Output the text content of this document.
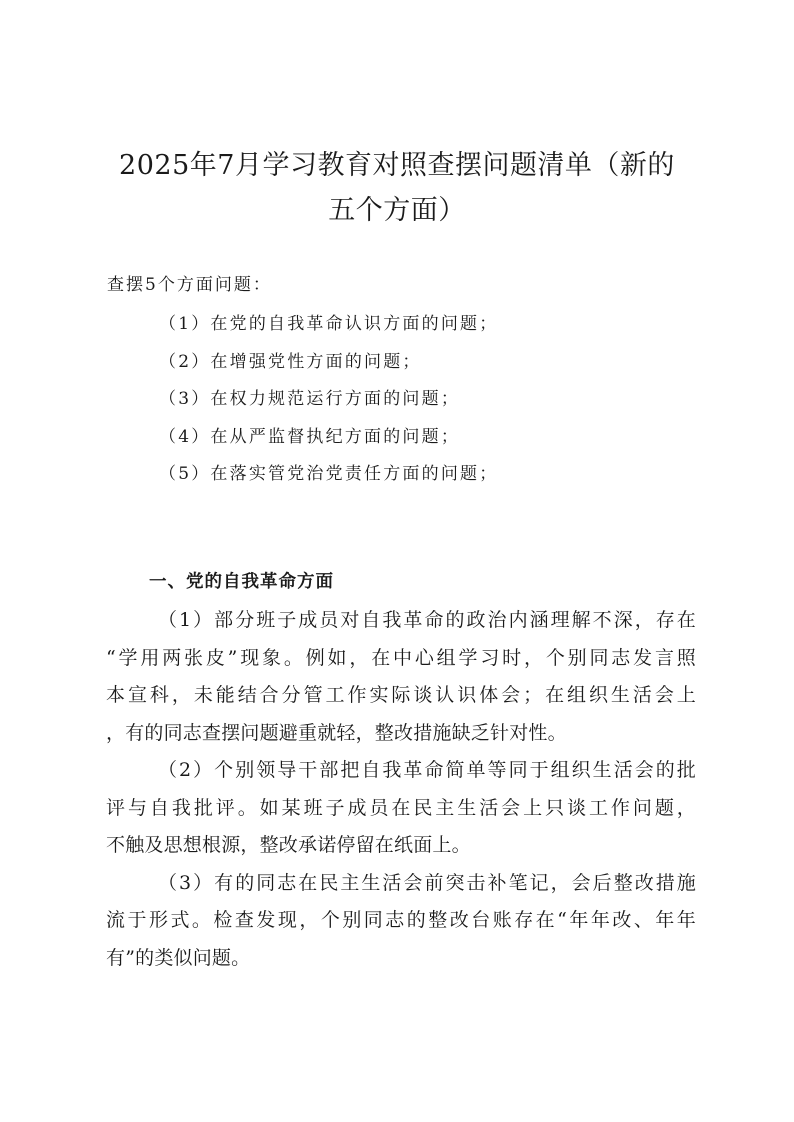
2025年7月学习教育对照查摆问题清单（新的
五个方面）
查摆5个方面问题：
（1）在党的自我革命认识方面的问题；
（2）在增强党性方面的问题；
（3）在权力规范运行方面的问题；
（4）在从严监督执纪方面的问题；
（5）在落实管党治党责任方面的问题；
一、党的自我革命方面
（1）部分班子成员对自我革命的政治内涵理解不深，存在
“学用两张皮”现象。例如，在中心组学习时，个别同志发言照
本宣科，未能结合分管工作实际谈认识体会；在组织生活会上
，有的同志查摆问题避重就轻，整改措施缺乏针对性。
（2）个别领导干部把自我革命简单等同于组织生活会的批
评与自我批评。如某班子成员在民主生活会上只谈工作问题，
不触及思想根源，整改承诺停留在纸面上。
（3）有的同志在民主生活会前突击补笔记，会后整改措施
流于形式。检查发现，个别同志的整改台账存在“年年改、年年
有”的类似问题。
